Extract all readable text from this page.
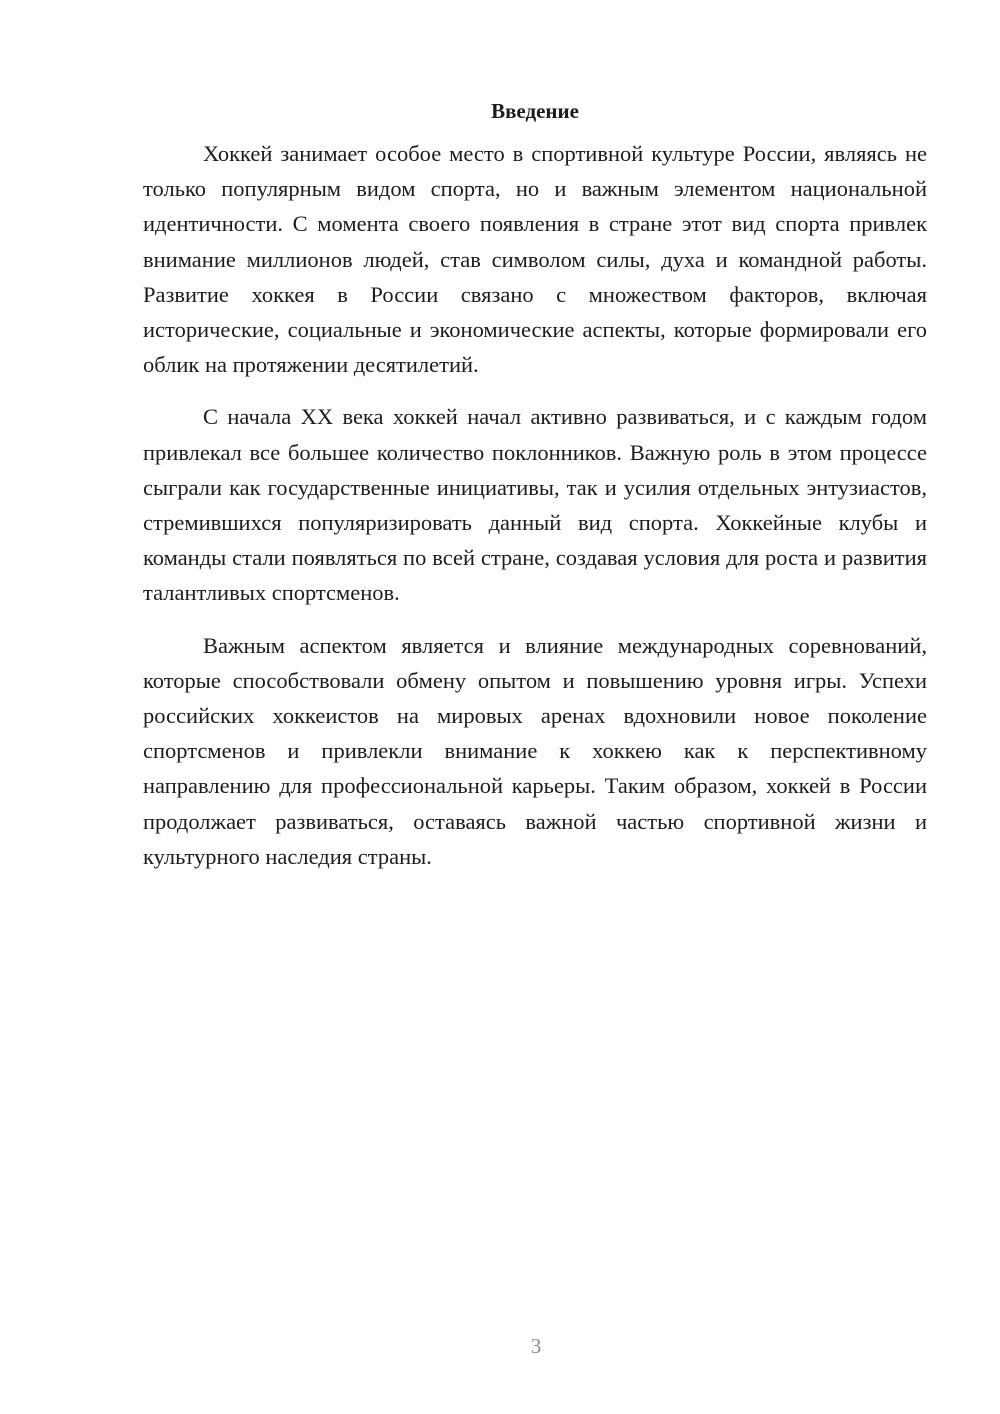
Введение

Хоккей занимает особое место в спортивной культуре России, являясь не только популярным видом спорта, но и важным элементом национальной идентичности. С момента своего появления в стране этот вид спорта привлек внимание миллионов людей, став символом силы, духа и командной работы. Развитие хоккея в России связано с множеством факторов, включая исторические, социальные и экономические аспекты, которые формировали его облик на протяжении десятилетий.

С начала XX века хоккей начал активно развиваться, и с каждым годом привлекал все большее количество поклонников. Важную роль в этом процессе сыграли как государственные инициативы, так и усилия отдельных энтузиастов, стремившихся популяризировать данный вид спорта. Хоккейные клубы и команды стали появляться по всей стране, создавая условия для роста и развития талантливых спортсменов.

Важным аспектом является и влияние международных соревнований, которые способствовали обмену опытом и повышению уровня игры. Успехи российских хоккеистов на мировых аренах вдохновили новое поколение спортсменов и привлекли внимание к хоккею как к перспективному направлению для профессиональной карьеры. Таким образом, хоккей в России продолжает развиваться, оставаясь важной частью спортивной жизни и культурного наследия страны.

3
